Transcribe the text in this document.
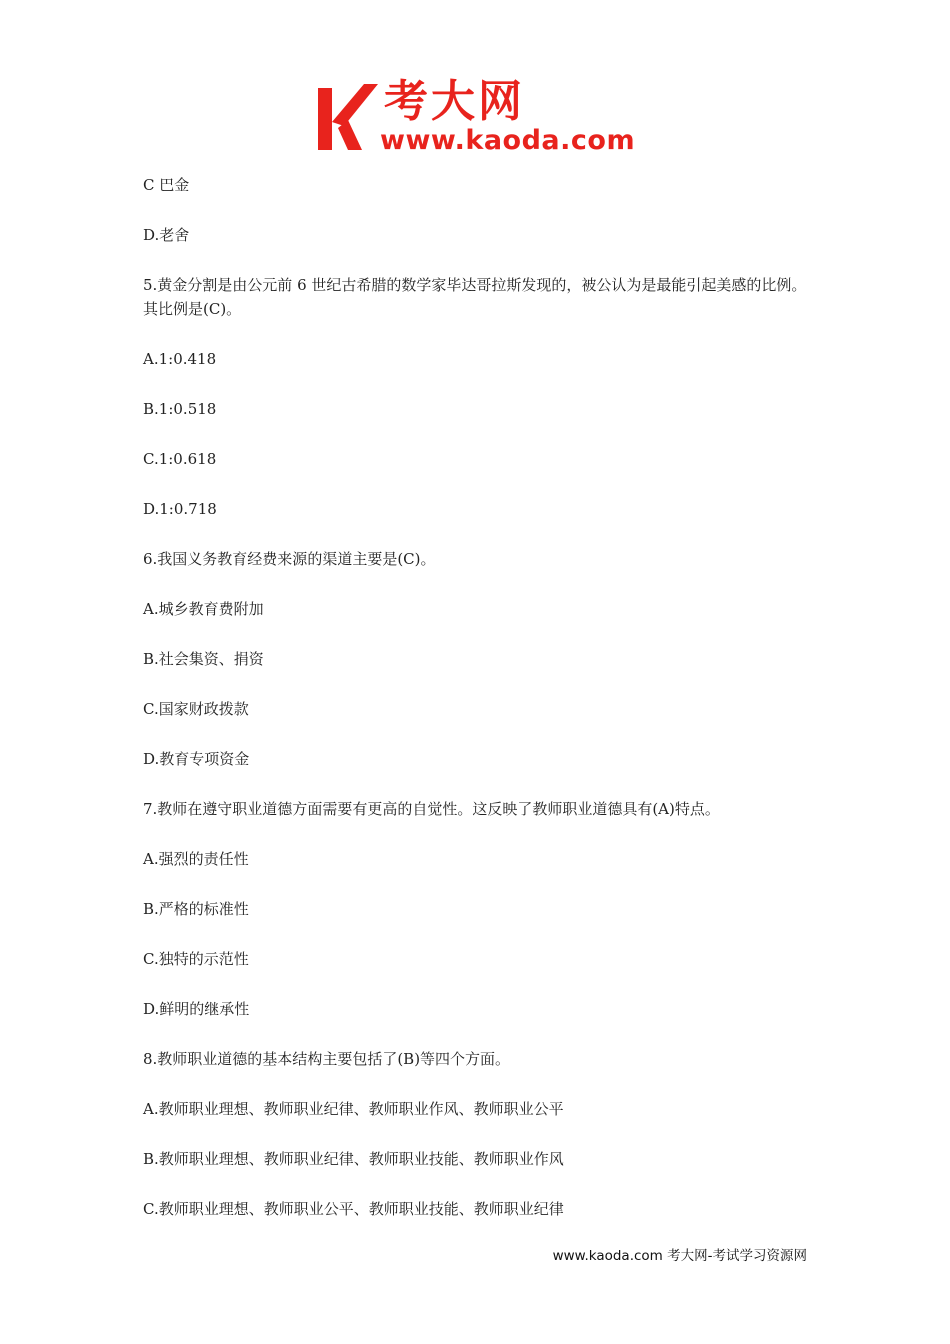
考大网
www.kaoda.com
C 巴金
D.老舍
5.黄金分割是由公元前 6 世纪古希腊的数学家毕达哥拉斯发现的，被公认为是最能引起美感的比例。其比例是(C)。
A.1:0.418
B.1:0.518
C.1:0.618
D.1:0.718
6.我国义务教育经费来源的渠道主要是(C)。
A.城乡教育费附加
B.社会集资、捐资
C.国家财政拨款
D.教育专项资金
7.教师在遵守职业道德方面需要有更高的自觉性。这反映了教师职业道德具有(A)特点。
A.强烈的责任性
B.严格的标准性
C.独特的示范性
D.鲜明的继承性
8.教师职业道德的基本结构主要包括了(B)等四个方面。
A.教师职业理想、教师职业纪律、教师职业作风、教师职业公平
B.教师职业理想、教师职业纪律、教师职业技能、教师职业作风
C.教师职业理想、教师职业公平、教师职业技能、教师职业纪律
www.kaoda.com 考大网-考试学习资源网
